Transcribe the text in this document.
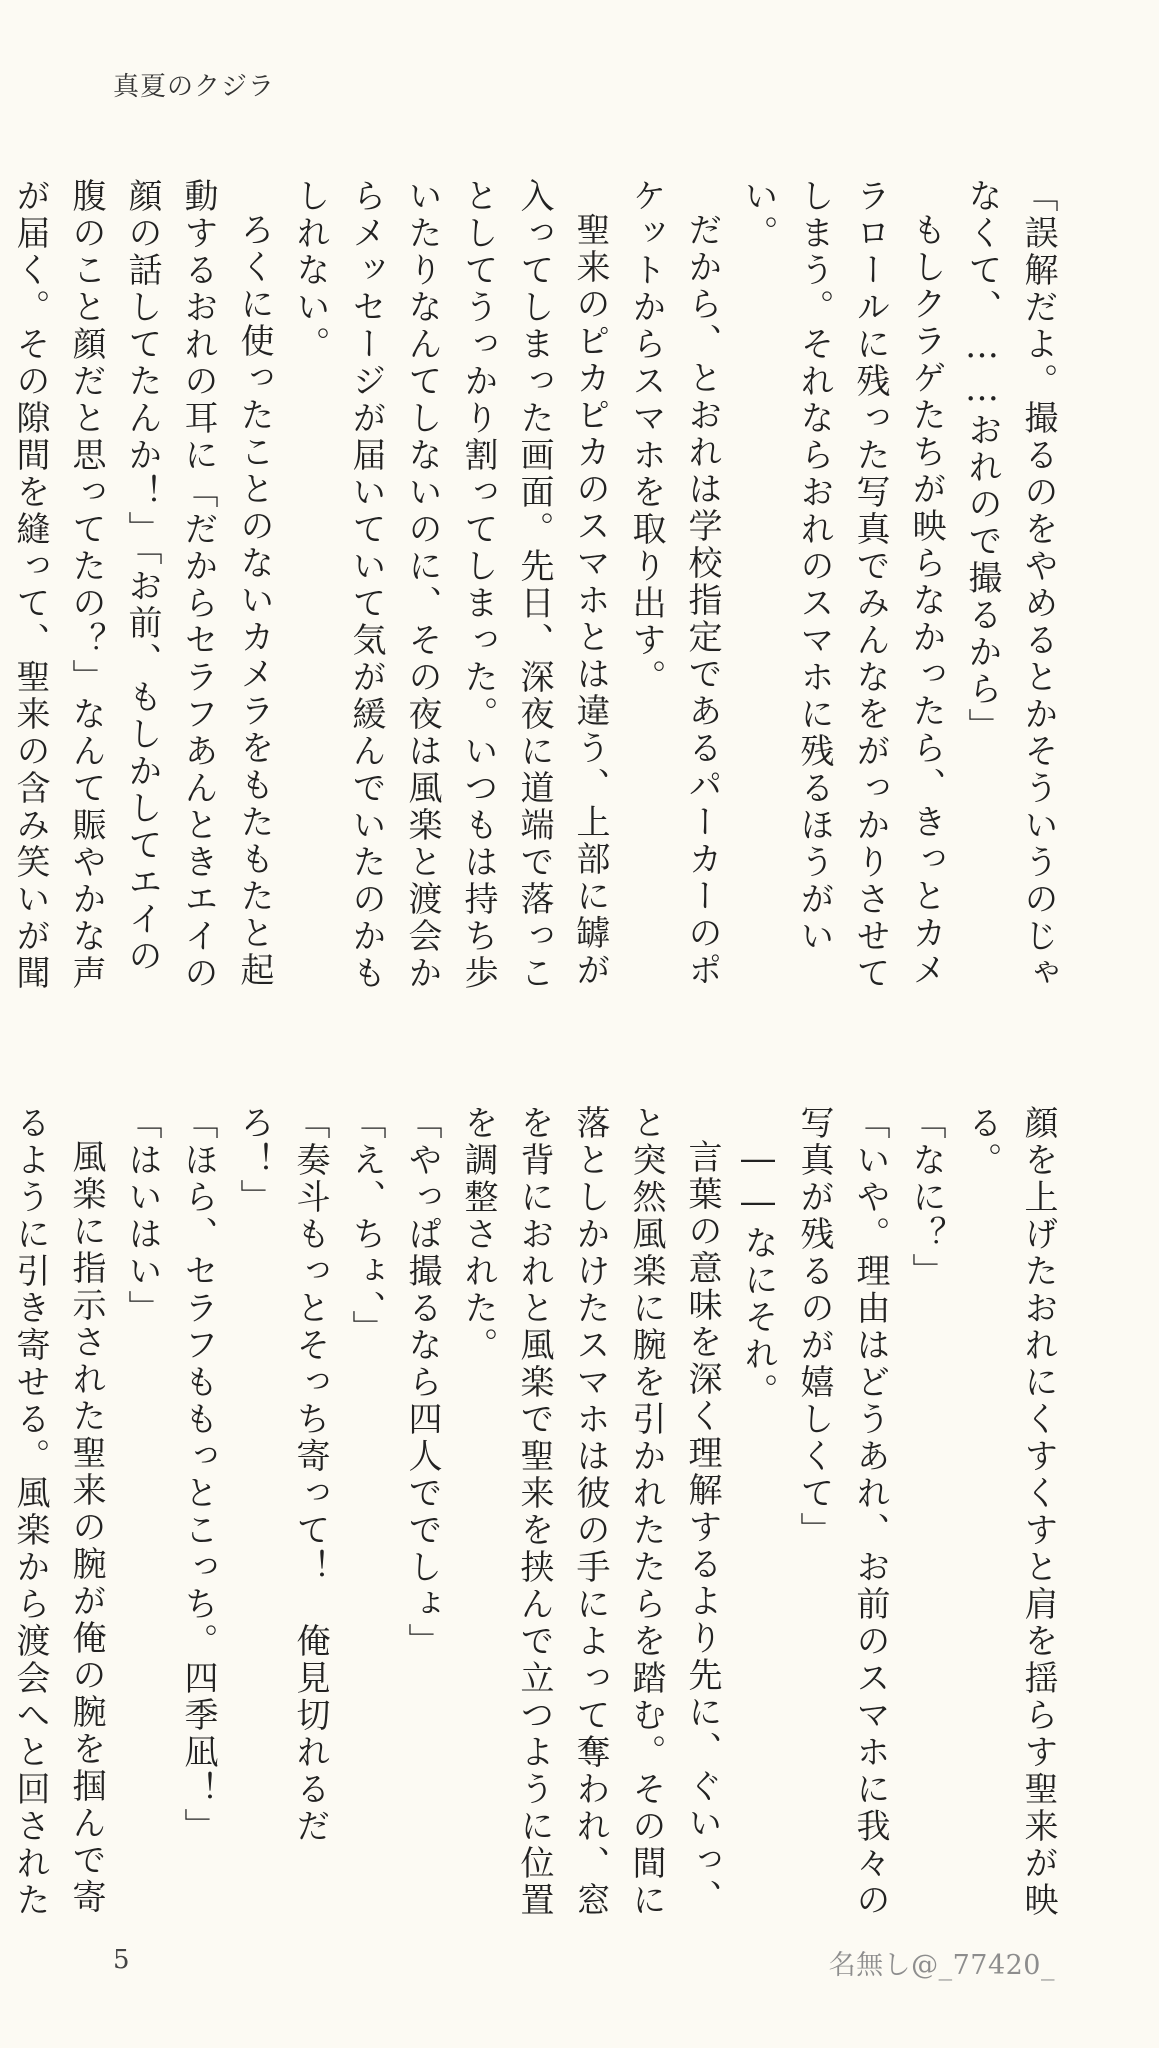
真夏のクジラ

「誤解だよ。撮るのをやめるとかそういうのじゃなくて、……おれので撮るから」

もしクラゲたちが映らなかったら、きっとカメラロールに残った写真でみんなをがっかりさせてしまう。それならおれのスマホに残るほうがいい。

だから、とおれは学校指定であるパーカーのポケットからスマホを取り出す。

聖来のピカピカのスマホとは違う、上部に罅が入ってしまった画面。先日、深夜に道端で落っことしてうっかり割ってしまった。いつもは持ち歩いたりなんてしないのに、その夜は風楽と渡会からメッセージが届いていて気が緩んでいたのかもしれない。

ろくに使ったことのないカメラをもたもたと起動するおれの耳に「だからセラフあんときエイの顔の話してたんか！」「お前、もしかしてエイの腹のこと顔だと思ってたの？」なんて賑やかな声が届く。その隙間を縫って、聖来の含み笑いが聞

顔を上げたおれにくすくすと肩を揺らす聖来が映る。

「なに？」

「いや。理由はどうあれ、お前のスマホに我々の写真が残るのが嬉しくて」

――なにそれ。

言葉の意味を深く理解するより先に、ぐいっ、と突然風楽に腕を引かれたたらを踏む。その間に落としかけたスマホは彼の手によって奪われ、窓を背におれと風楽で聖来を挟んで立つように位置を調整された。

「やっぱ撮るなら四人ででしょ」

「え、ちょ、」

「奏斗もっとそっち寄って！　俺見切れるだろ！」

「ほら、セラフももっとこっち。四季凪！」

「はいはい」

風楽に指示された聖来の腕が俺の腕を掴んで寄るように引き寄せる。風楽から渡会へと回された

5	名無し@_77420_
